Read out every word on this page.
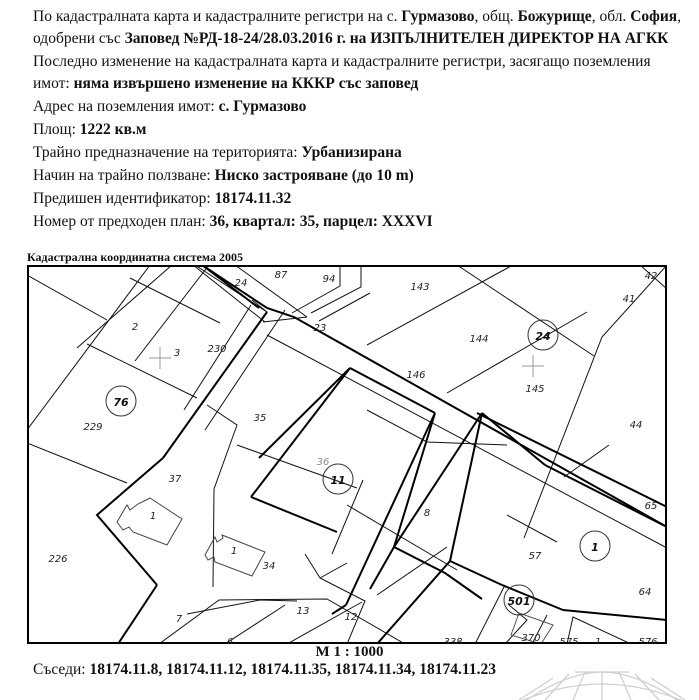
По кадастралната карта и кадастралните регистри на с. Гурмазово, общ. Божурище, обл. София, одобрени със Заповед №РД-18-24/28.03.2016 г. на ИЗПЪЛНИТЕЛЕН ДИРЕКТОР НА АГКК

Последно изменение на кадастралната карта и кадастралните регистри, засягащо поземления имот: няма извършено изменение на КККР със заповед

Адрес на поземления имот: с. Гурмазово

Площ: 1222 кв.м

Трайно предназначение на територията: Урбанизирана

Начин на трайно ползване: Ниско застрояване (до 10 m)

Предишен идентификатор: 18174.11.32

Номер от предходен план: 36, квартал: 35, парцел: XXXVI

Кадастрална координатна система 2005
2
3	230
24
87	94
143
23
144
146
145
41
42
44
229
35
37
1
1
34
8
57
65
64
226
7
6
13
12
338	370 575 1	576
36
76
24
11
1
501
М 1 : 1000
Съседи: 18174.11.8, 18174.11.12, 18174.11.35, 18174.11.34, 18174.11.23
